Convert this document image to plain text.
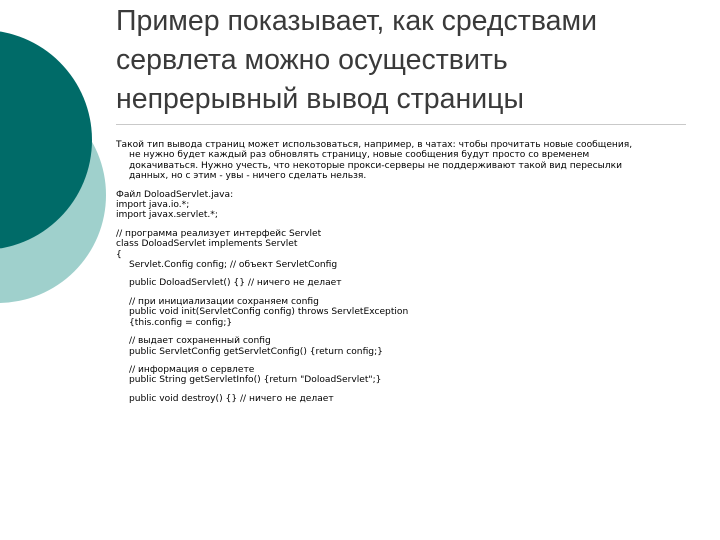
Пример показывает, как средствами
сервлета можно осуществить
непрерывный вывод страницы
Такой тип вывода страниц может использоваться, например, в чатах: чтобы прочитать новые сообщения,
не нужно будет каждый раз обновлять страницу, новые сообщения будут просто со временем
докачиваться. Нужно учесть, что некоторые прокси-серверы не поддерживают такой вид пересылки
данных, но с этим - увы - ничего сделать нельзя.
Файл DoloadServlet.java:
import java.io.*;
import javax.servlet.*;
// программа реализует интерфейс Servlet
class DoloadServlet implements Servlet
{
Servlet.Config config; // объект ServletConfig
public DoloadServlet() {} // ничего не делает
// при инициализации сохраняем config
public void init(ServletConfig config) throws ServletException
{this.config = config;}
// выдает сохраненный config
public ServletConfig getServletConfig() {return config;}
// информация о сервлете
public String getServletInfo() {return "DoloadServlet";}
public void destroy() {} // ничего не делает
